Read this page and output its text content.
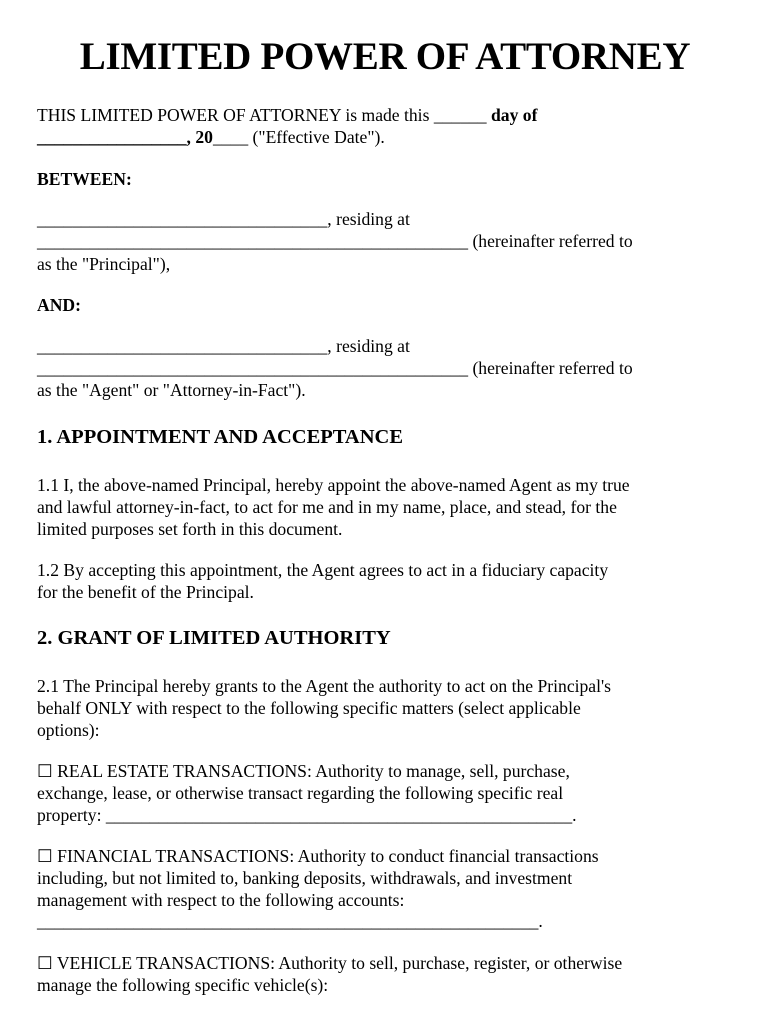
LIMITED POWER OF ATTORNEY
THIS LIMITED POWER OF ATTORNEY is made this ______ day of
_________________, 20____ ("Effective Date").
BETWEEN:
_________________________________, residing at
_________________________________________________ (hereinafter referred to
as the "Principal"),
AND:
_________________________________, residing at
_________________________________________________ (hereinafter referred to
as the "Agent" or "Attorney-in-Fact").
1. APPOINTMENT AND ACCEPTANCE
1.1 I, the above-named Principal, hereby appoint the above-named Agent as my true
and lawful attorney-in-fact, to act for me and in my name, place, and stead, for the
limited purposes set forth in this document.
1.2 By accepting this appointment, the Agent agrees to act in a fiduciary capacity
for the benefit of the Principal.
2. GRANT OF LIMITED AUTHORITY
2.1 The Principal hereby grants to the Agent the authority to act on the Principal's
behalf ONLY with respect to the following specific matters (select applicable
options):
☐ REAL ESTATE TRANSACTIONS: Authority to manage, sell, purchase,
exchange, lease, or otherwise transact regarding the following specific real
property: _____________________________________________________.
☐ FINANCIAL TRANSACTIONS: Authority to conduct financial transactions
including, but not limited to, banking deposits, withdrawals, and investment
management with respect to the following accounts:
_________________________________________________________.
☐ VEHICLE TRANSACTIONS: Authority to sell, purchase, register, or otherwise
manage the following specific vehicle(s):
